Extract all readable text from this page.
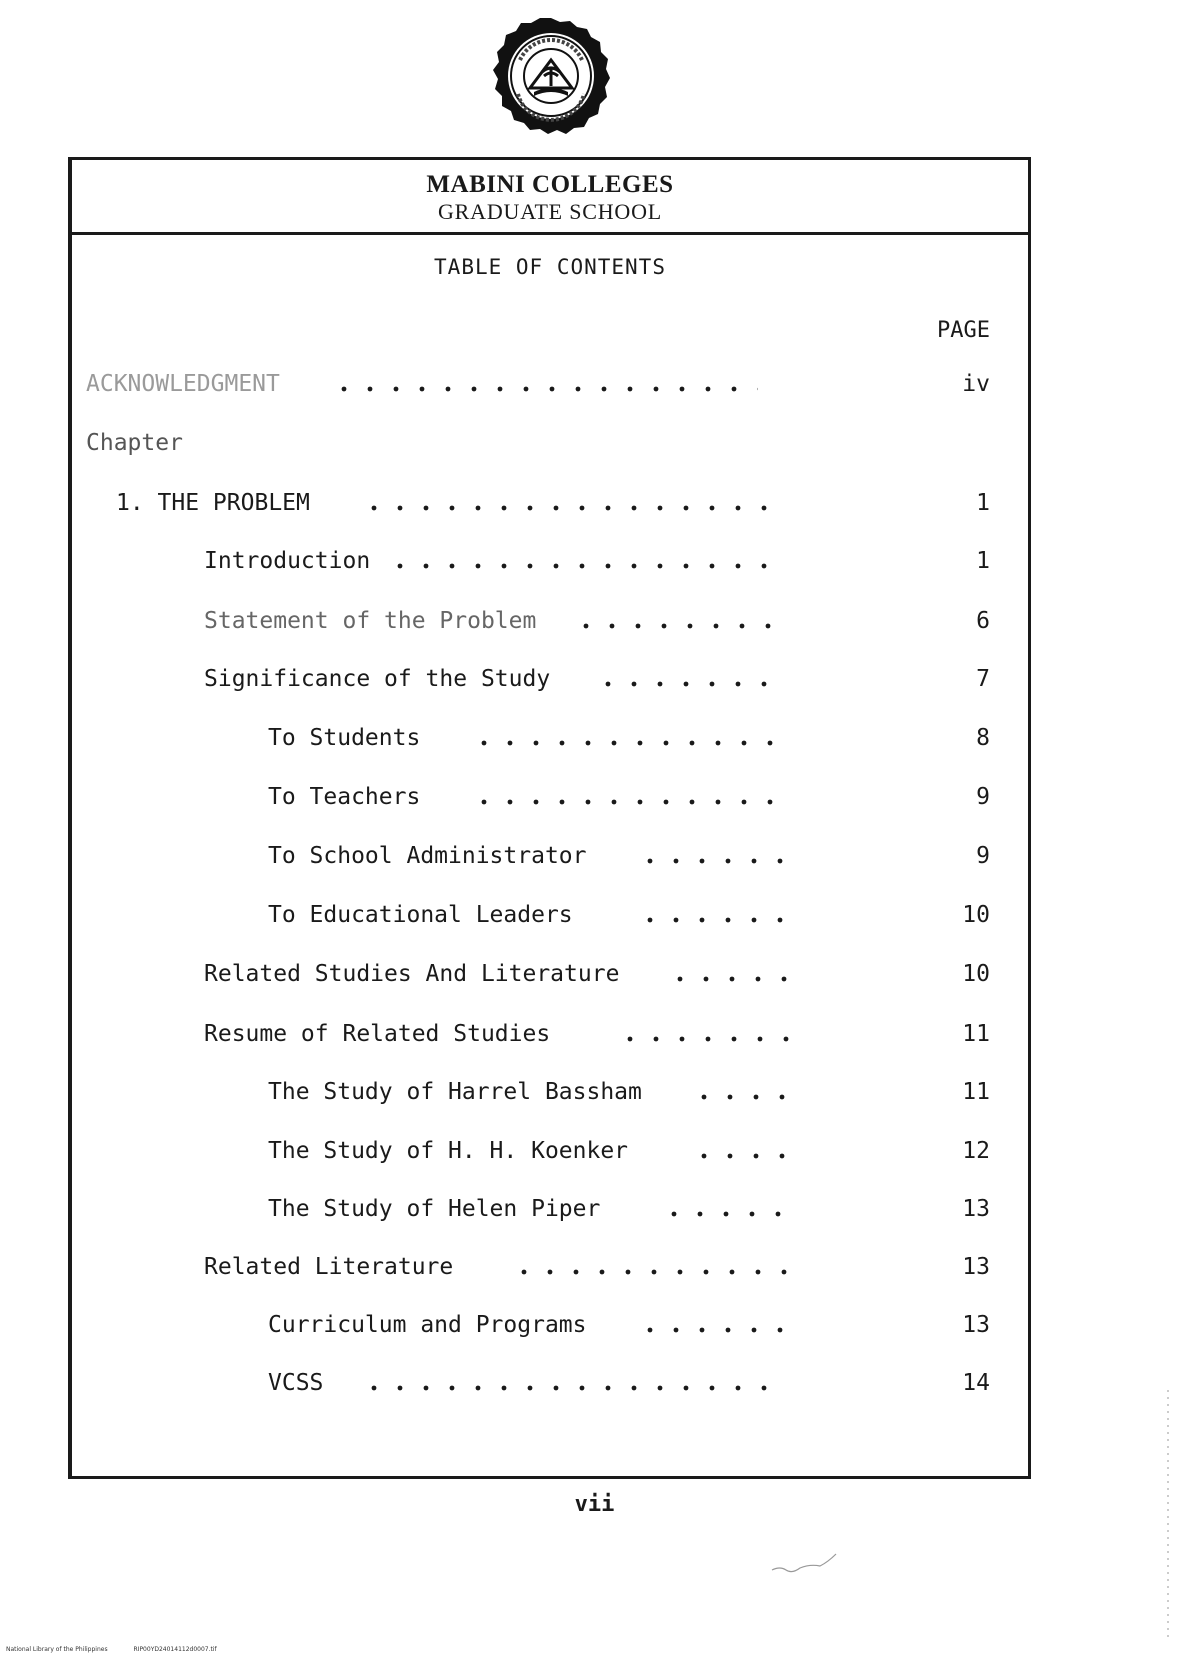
MABINI COLLEGES
GRADUATE SCHOOL
TABLE OF CONTENTS
PAGE
ACKNOWLEDGMENT	iv
Chapter
1. THE PROBLEM	1
Introduction	1
Statement of the Problem	6
Significance of the Study	7
To Students	8
To Teachers	9
To School Administrator	9
To Educational Leaders	10
Related Studies And Literature	10
Resume of Related Studies	11
The Study of Harrel Bassham	11
The Study of H. H. Koenker	12
The Study of Helen Piper	13
Related Literature	13
Curriculum and Programs	13
VCSS	14
vii
National Library of the Philippines	RIP00YD24014112d0007.tif
